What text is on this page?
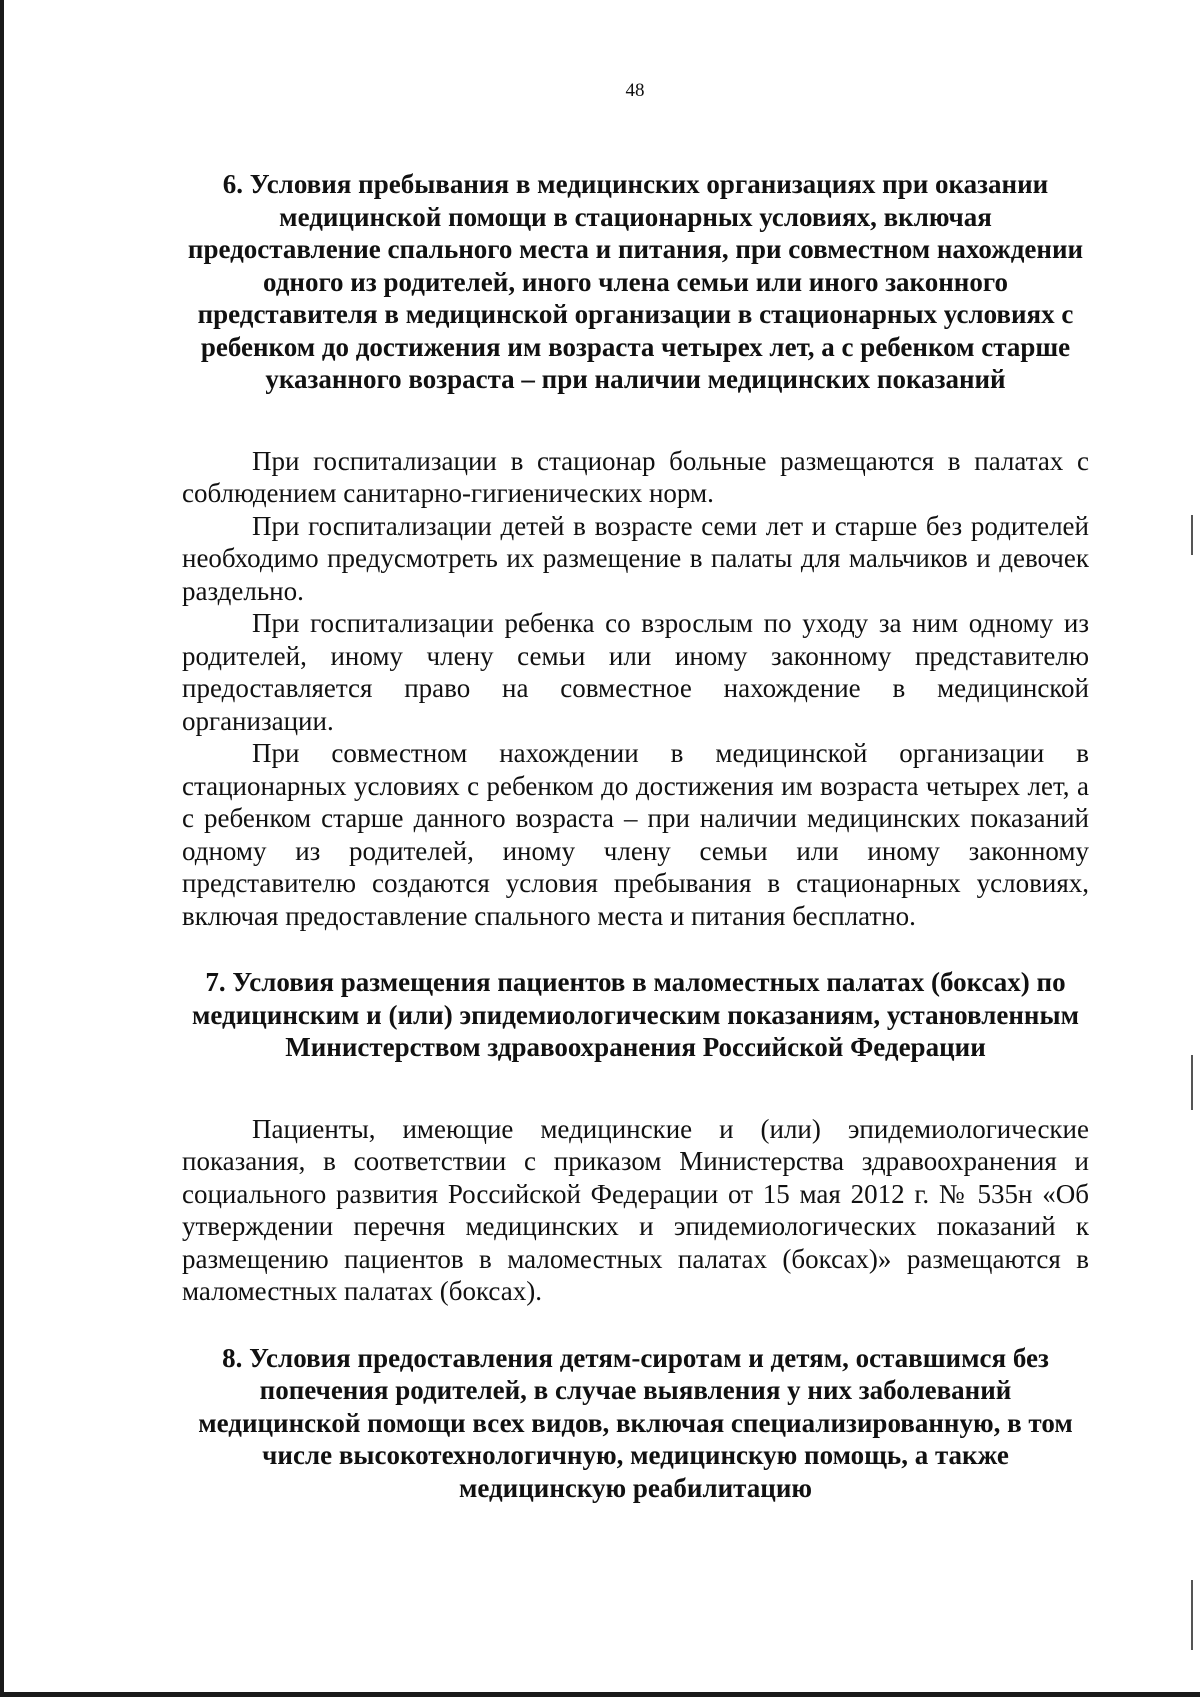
48
6. Условия пребывания в медицинских организациях при оказании медицинской помощи в стационарных условиях, включая предоставление спального места и питания, при совместном нахождении одного из родителей, иного члена семьи или иного законного представителя в медицинской организации в стационарных условиях с ребенком до достижения им возраста четырех лет, а с ребенком старше указанного возраста – при наличии медицинских показаний

При госпитализации в стационар больные размещаются в палатах с соблюдением санитарно-гигиенических норм.

При госпитализации детей в возрасте семи лет и старше без родителей необходимо предусмотреть их размещение в палаты для мальчиков и девочек раздельно.

При госпитализации ребенка со взрослым по уходу за ним одному из родителей, иному члену семьи или иному законному представителю предоставляется право на совместное нахождение в медицинской организации.

При совместном нахождении в медицинской организации в стационарных условиях с ребенком до достижения им возраста четырех лет, а с ребенком старше данного возраста – при наличии медицинских показаний одному из родителей, иному члену семьи или иному законному представителю создаются условия пребывания в стационарных условиях, включая предоставление спального места и питания бесплатно.

7. Условия размещения пациентов в маломестных палатах (боксах) по медицинским и (или) эпидемиологическим показаниям, установленным Министерством здравоохранения Российской Федерации

Пациенты, имеющие медицинские и (или) эпидемиологические показания, в соответствии с приказом Министерства здравоохранения и социального развития Российской Федерации от 15 мая 2012 г. № 535н «Об утверждении перечня медицинских и эпидемиологических показаний к размещению пациентов в маломестных палатах (боксах)» размещаются в маломестных палатах (боксах).

8. Условия предоставления детям-сиротам и детям, оставшимся без попечения родителей, в случае выявления у них заболеваний медицинской помощи всех видов, включая специализированную, в том числе высокотехнологичную, медицинскую помощь, а также медицинскую реабилитацию
